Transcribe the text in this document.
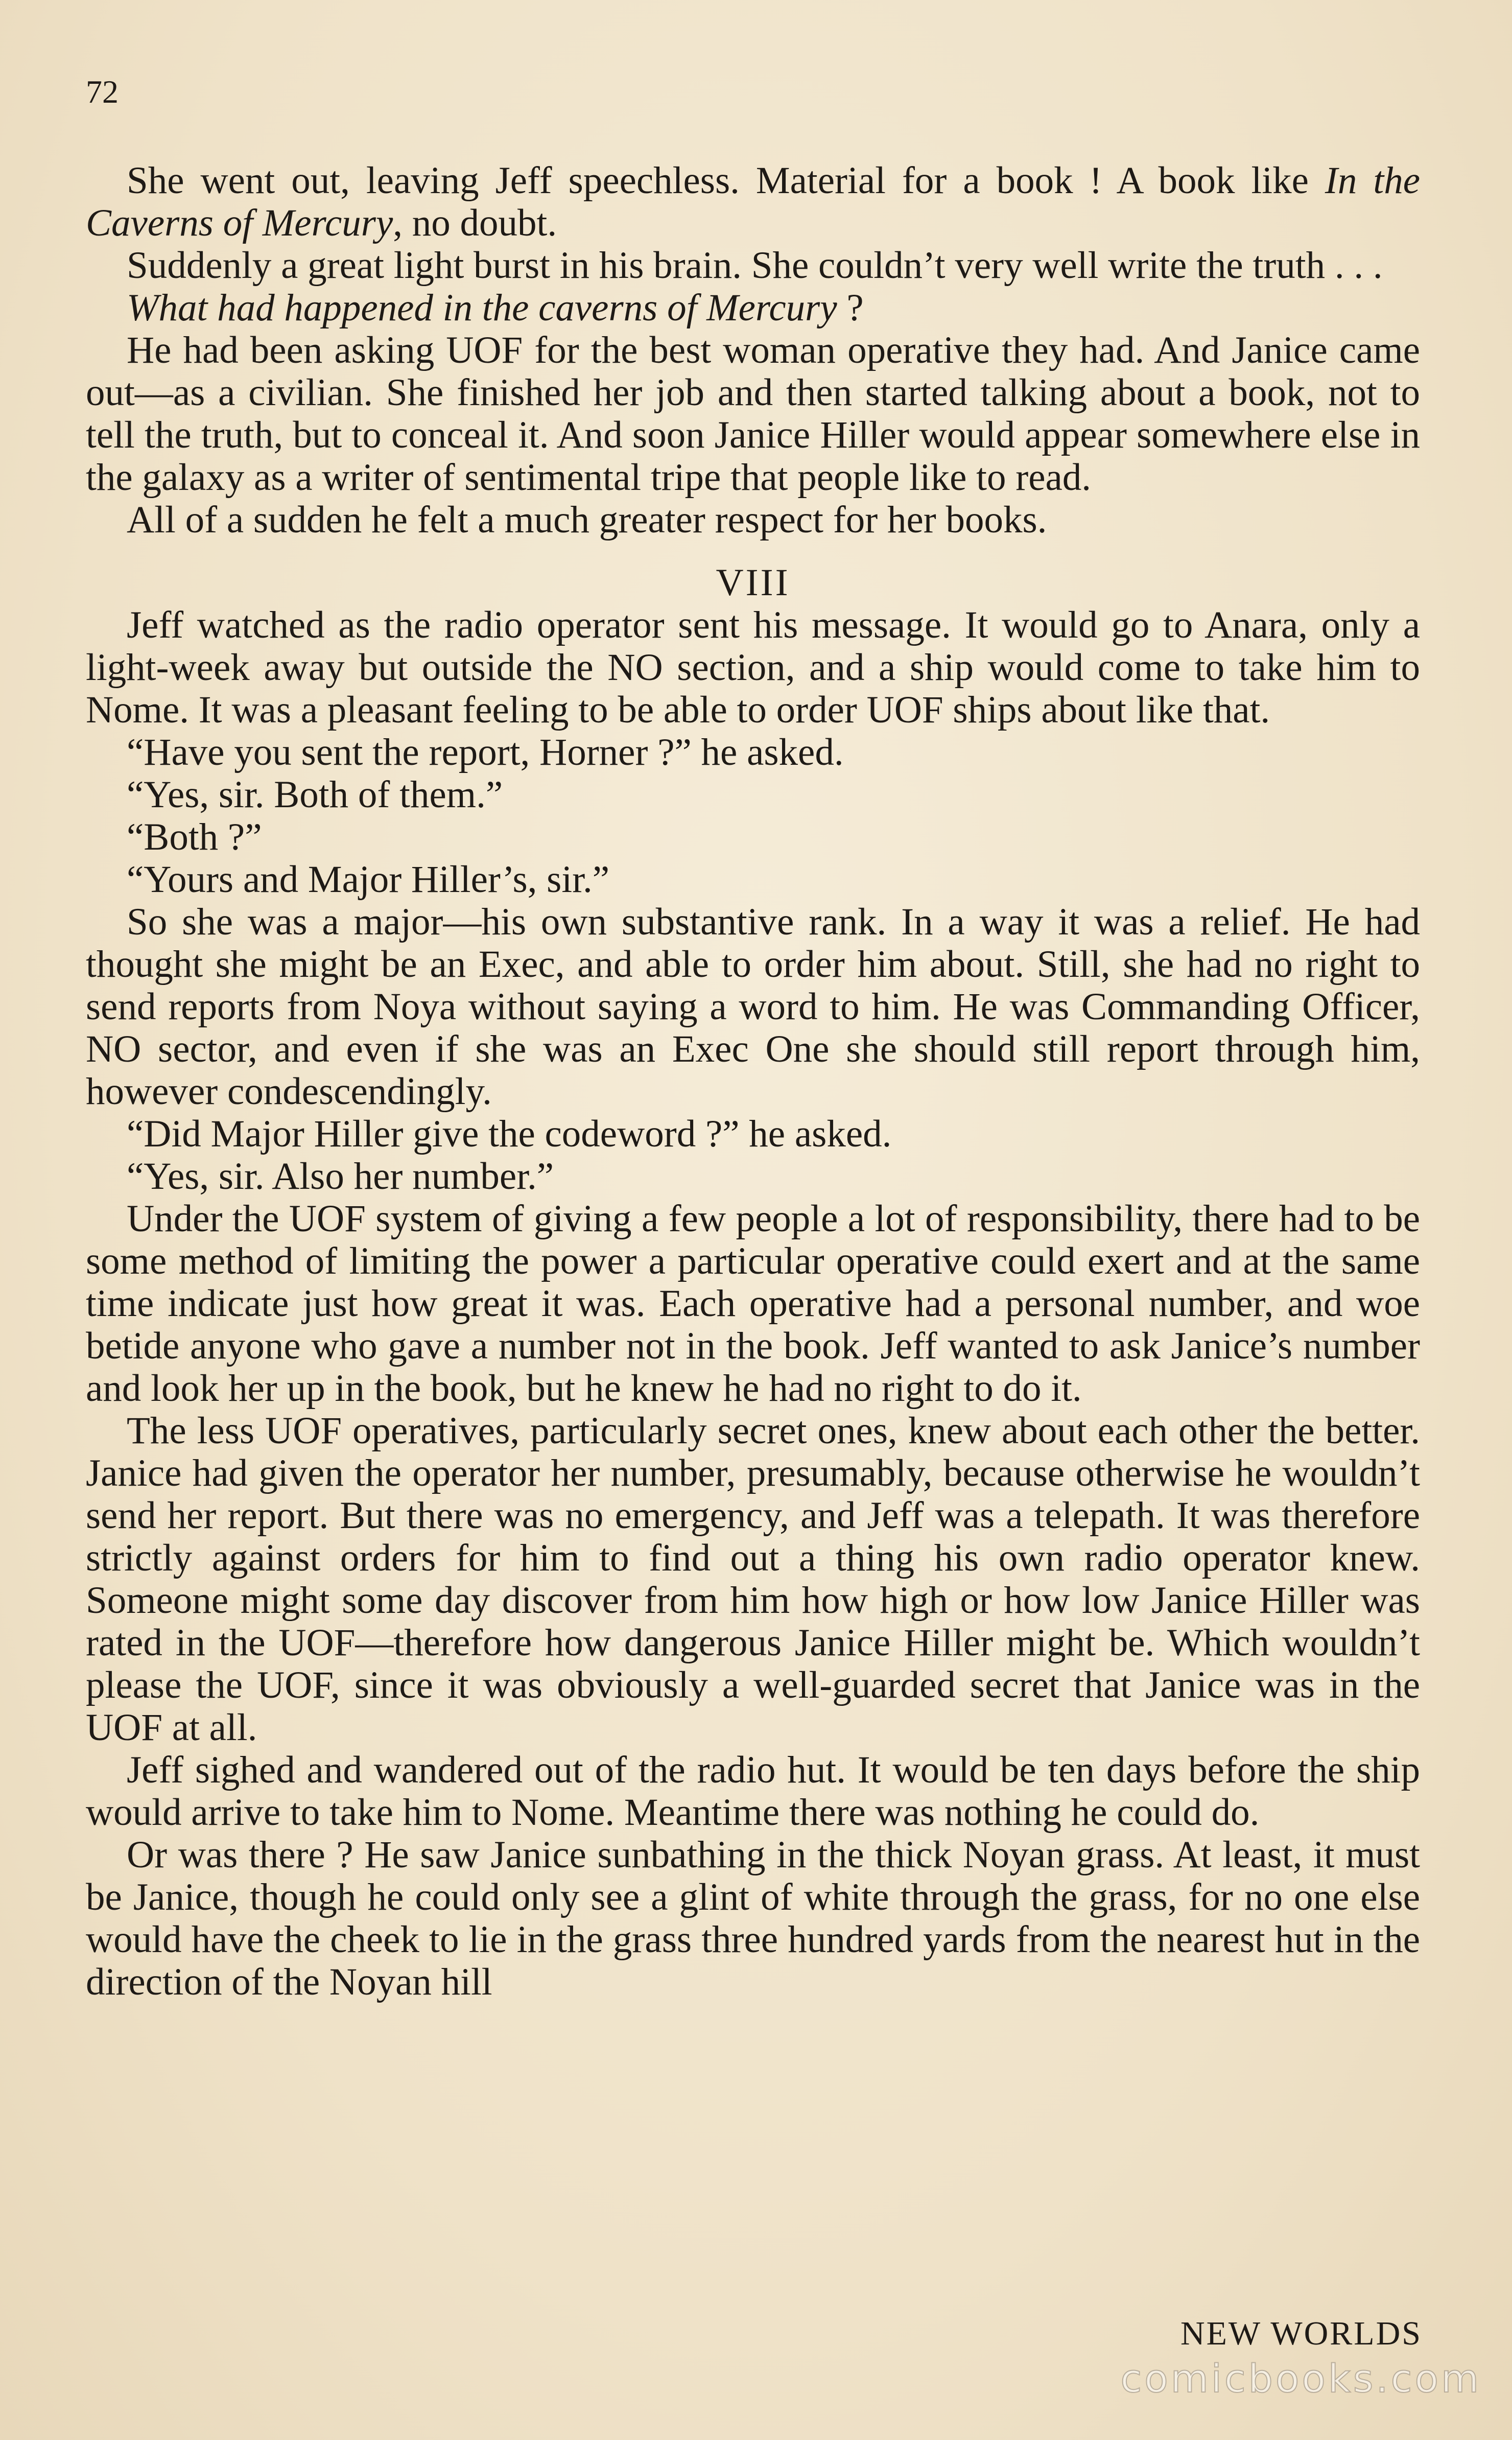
72

She went out, leaving Jeff speechless. Material for a book ! A book like In the Caverns of Mercury, no doubt.

Suddenly a great light burst in his brain. She couldn’t very well write the truth . . .

What had happened in the caverns of Mercury ?

He had been asking UOF for the best woman operative they had. And Janice came out—as a civilian. She finished her job and then started talking about a book, not to tell the truth, but to conceal it. And soon Janice Hiller would appear somewhere else in the galaxy as a writer of sentimental tripe that people like to read.

All of a sudden he felt a much greater respect for her books.

VIII

Jeff watched as the radio operator sent his message. It would go to Anara, only a light-week away but outside the NO section, and a ship would come to take him to Nome. It was a pleasant feeling to be able to order UOF ships about like that.

“Have you sent the report, Horner ?” he asked.

“Yes, sir. Both of them.”

“Both ?”

“Yours and Major Hiller’s, sir.”

So she was a major—his own substantive rank. In a way it was a relief. He had thought she might be an Exec, and able to order him about. Still, she had no right to send reports from Noya without saying a word to him. He was Commanding Officer, NO sector, and even if she was an Exec One she should still report through him, however condescendingly.

“Did Major Hiller give the codeword ?” he asked.

“Yes, sir. Also her number.”

Under the UOF system of giving a few people a lot of responsibility, there had to be some method of limiting the power a particular operative could exert and at the same time indicate just how great it was. Each operative had a personal number, and woe betide anyone who gave a number not in the book. Jeff wanted to ask Janice’s number and look her up in the book, but he knew he had no right to do it.

The less UOF operatives, particularly secret ones, knew about each other the better. Janice had given the operator her number, presumably, because otherwise he wouldn’t send her report. But there was no emergency, and Jeff was a telepath. It was therefore strictly against orders for him to find out a thing his own radio operator knew. Someone might some day discover from him how high or how low Janice Hiller was rated in the UOF—therefore how dangerous Janice Hiller might be. Which wouldn’t please the UOF, since it was obviously a well-guarded secret that Janice was in the UOF at all.

Jeff sighed and wandered out of the radio hut. It would be ten days before the ship would arrive to take him to Nome. Meantime there was nothing he could do.

Or was there ? He saw Janice sunbathing in the thick Noyan grass. At least, it must be Janice, though he could only see a glint of white through the grass, for no one else would have the cheek to lie in the grass three hundred yards from the nearest hut in the direction of the Noyan hill

NEW WORLDS
comicbooks.com
